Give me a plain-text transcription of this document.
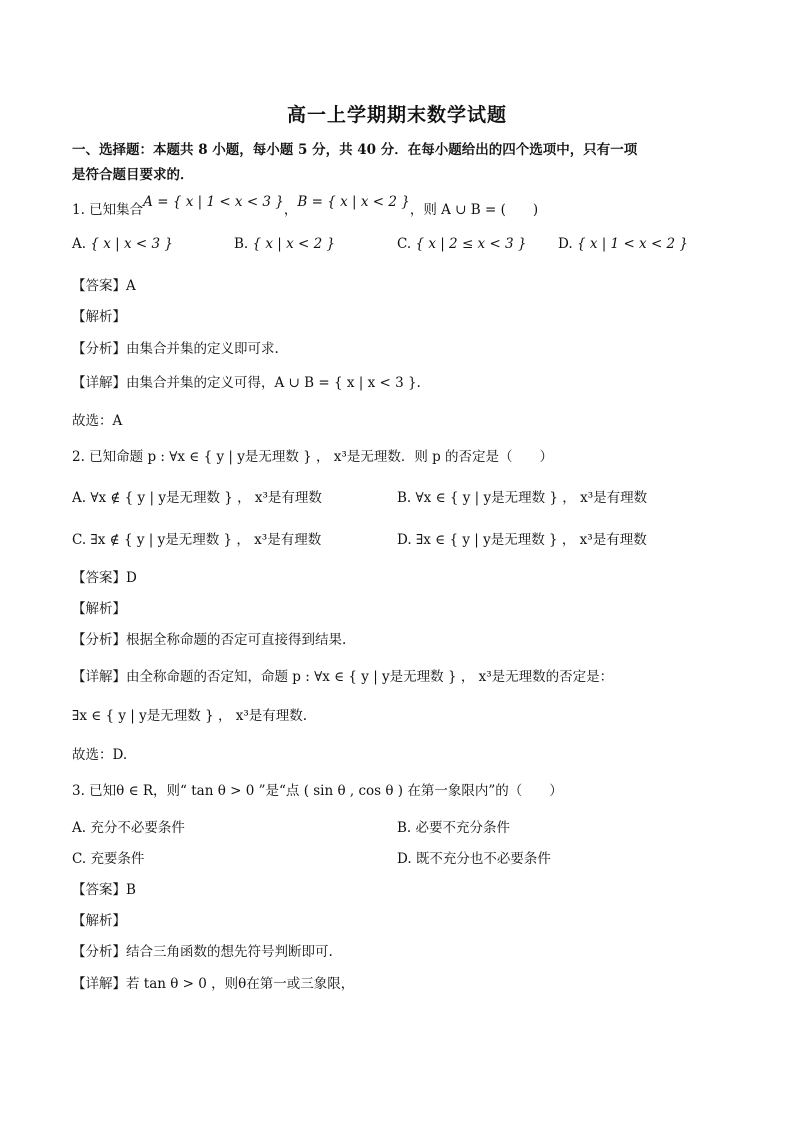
高一上学期期末数学试题
一、选择题：本题共 8 小题，每小题 5 分，共 40 分．在每小题给出的四个选项中，只有一项
是符合题目要求的．
1. 已知集合A = { x | 1 < x < 3 }，B = { x | x < 2 }，则 A ∪ B = (　　)
A. { x | x < 3 }	B. { x | x < 2 }	C. { x | 2 ≤ x < 3 } D. { x | 1 < x < 2 }
【答案】A
【解析】
【分析】由集合并集的定义即可求.
【详解】由集合并集的定义可得，A ∪ B = { x | x < 3 }.
故选：A
2. 已知命题 p : ∀x ∈ { y | y是无理数 } ， x³是无理数．则 p 的否定是（　　）
A. ∀x ∉ { y | y是无理数 } ， x³是有理数	B. ∀x ∈ { y | y是无理数 } ， x³是有理数
C. ∃x ∉ { y | y是无理数 } ， x³是有理数	D. ∃x ∈ { y | y是无理数 } ， x³是有理数
【答案】D
【解析】
【分析】根据全称命题的否定可直接得到结果.
【详解】由全称命题的否定知，命题 p : ∀x ∈ { y | y是无理数 } ， x³是无理数的否定是：
∃x ∈ { y | y是无理数 } ， x³是有理数.
故选：D.
3. 已知θ ∈ R，则“ tan θ > 0 ”是“点 ( sin θ , cos θ ) 在第一象限内”的（　　）
A. 充分不必要条件	B. 必要不充分条件
C. 充要条件	D. 既不充分也不必要条件
【答案】B
【解析】
【分析】结合三角函数的想先符号判断即可.
【详解】若 tan θ > 0 ，则θ在第一或三象限，
